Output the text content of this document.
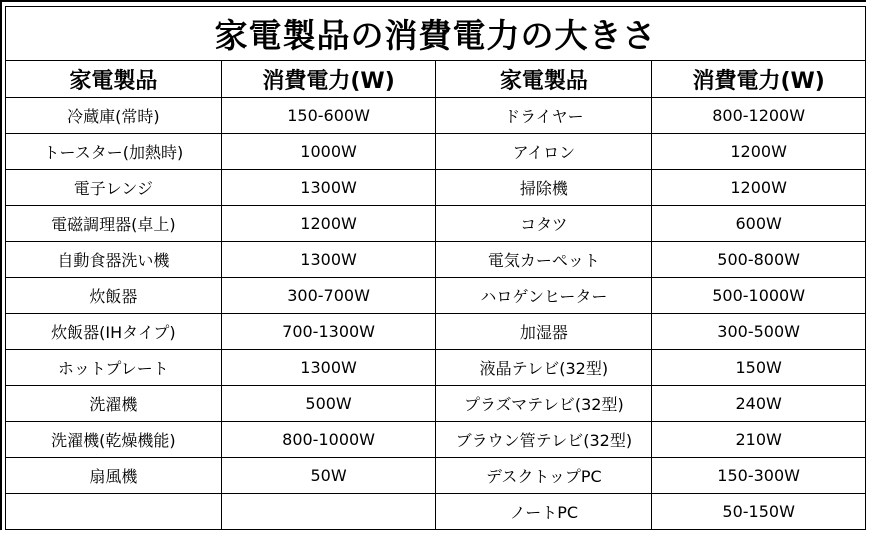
家電製品の消費電力の大きさ			
家電製品	消費電力(W)	家電製品	消費電力(W)
冷蔵庫(常時)	150-600W	ドライヤー	800-1200W
トースター(加熱時)	1000W	アイロン	1200W
電子レンジ	1300W	掃除機	1200W
電磁調理器(卓上)	1200W	コタツ	600W
自動食器洗い機	1300W	電気カーペット	500-800W
炊飯器	300-700W	ハロゲンヒーター	500-1000W
炊飯器(IHタイプ)	700-1300W	加湿器	300-500W
ホットプレート	1300W	液晶テレビ(32型)	150W
洗濯機	500W	プラズマテレビ(32型)	240W
洗濯機(乾燥機能)	800-1000W	ブラウン管テレビ(32型)	210W
扇風機	50W	デスクトップPC	150-300W
		ノートPC	50-150W
